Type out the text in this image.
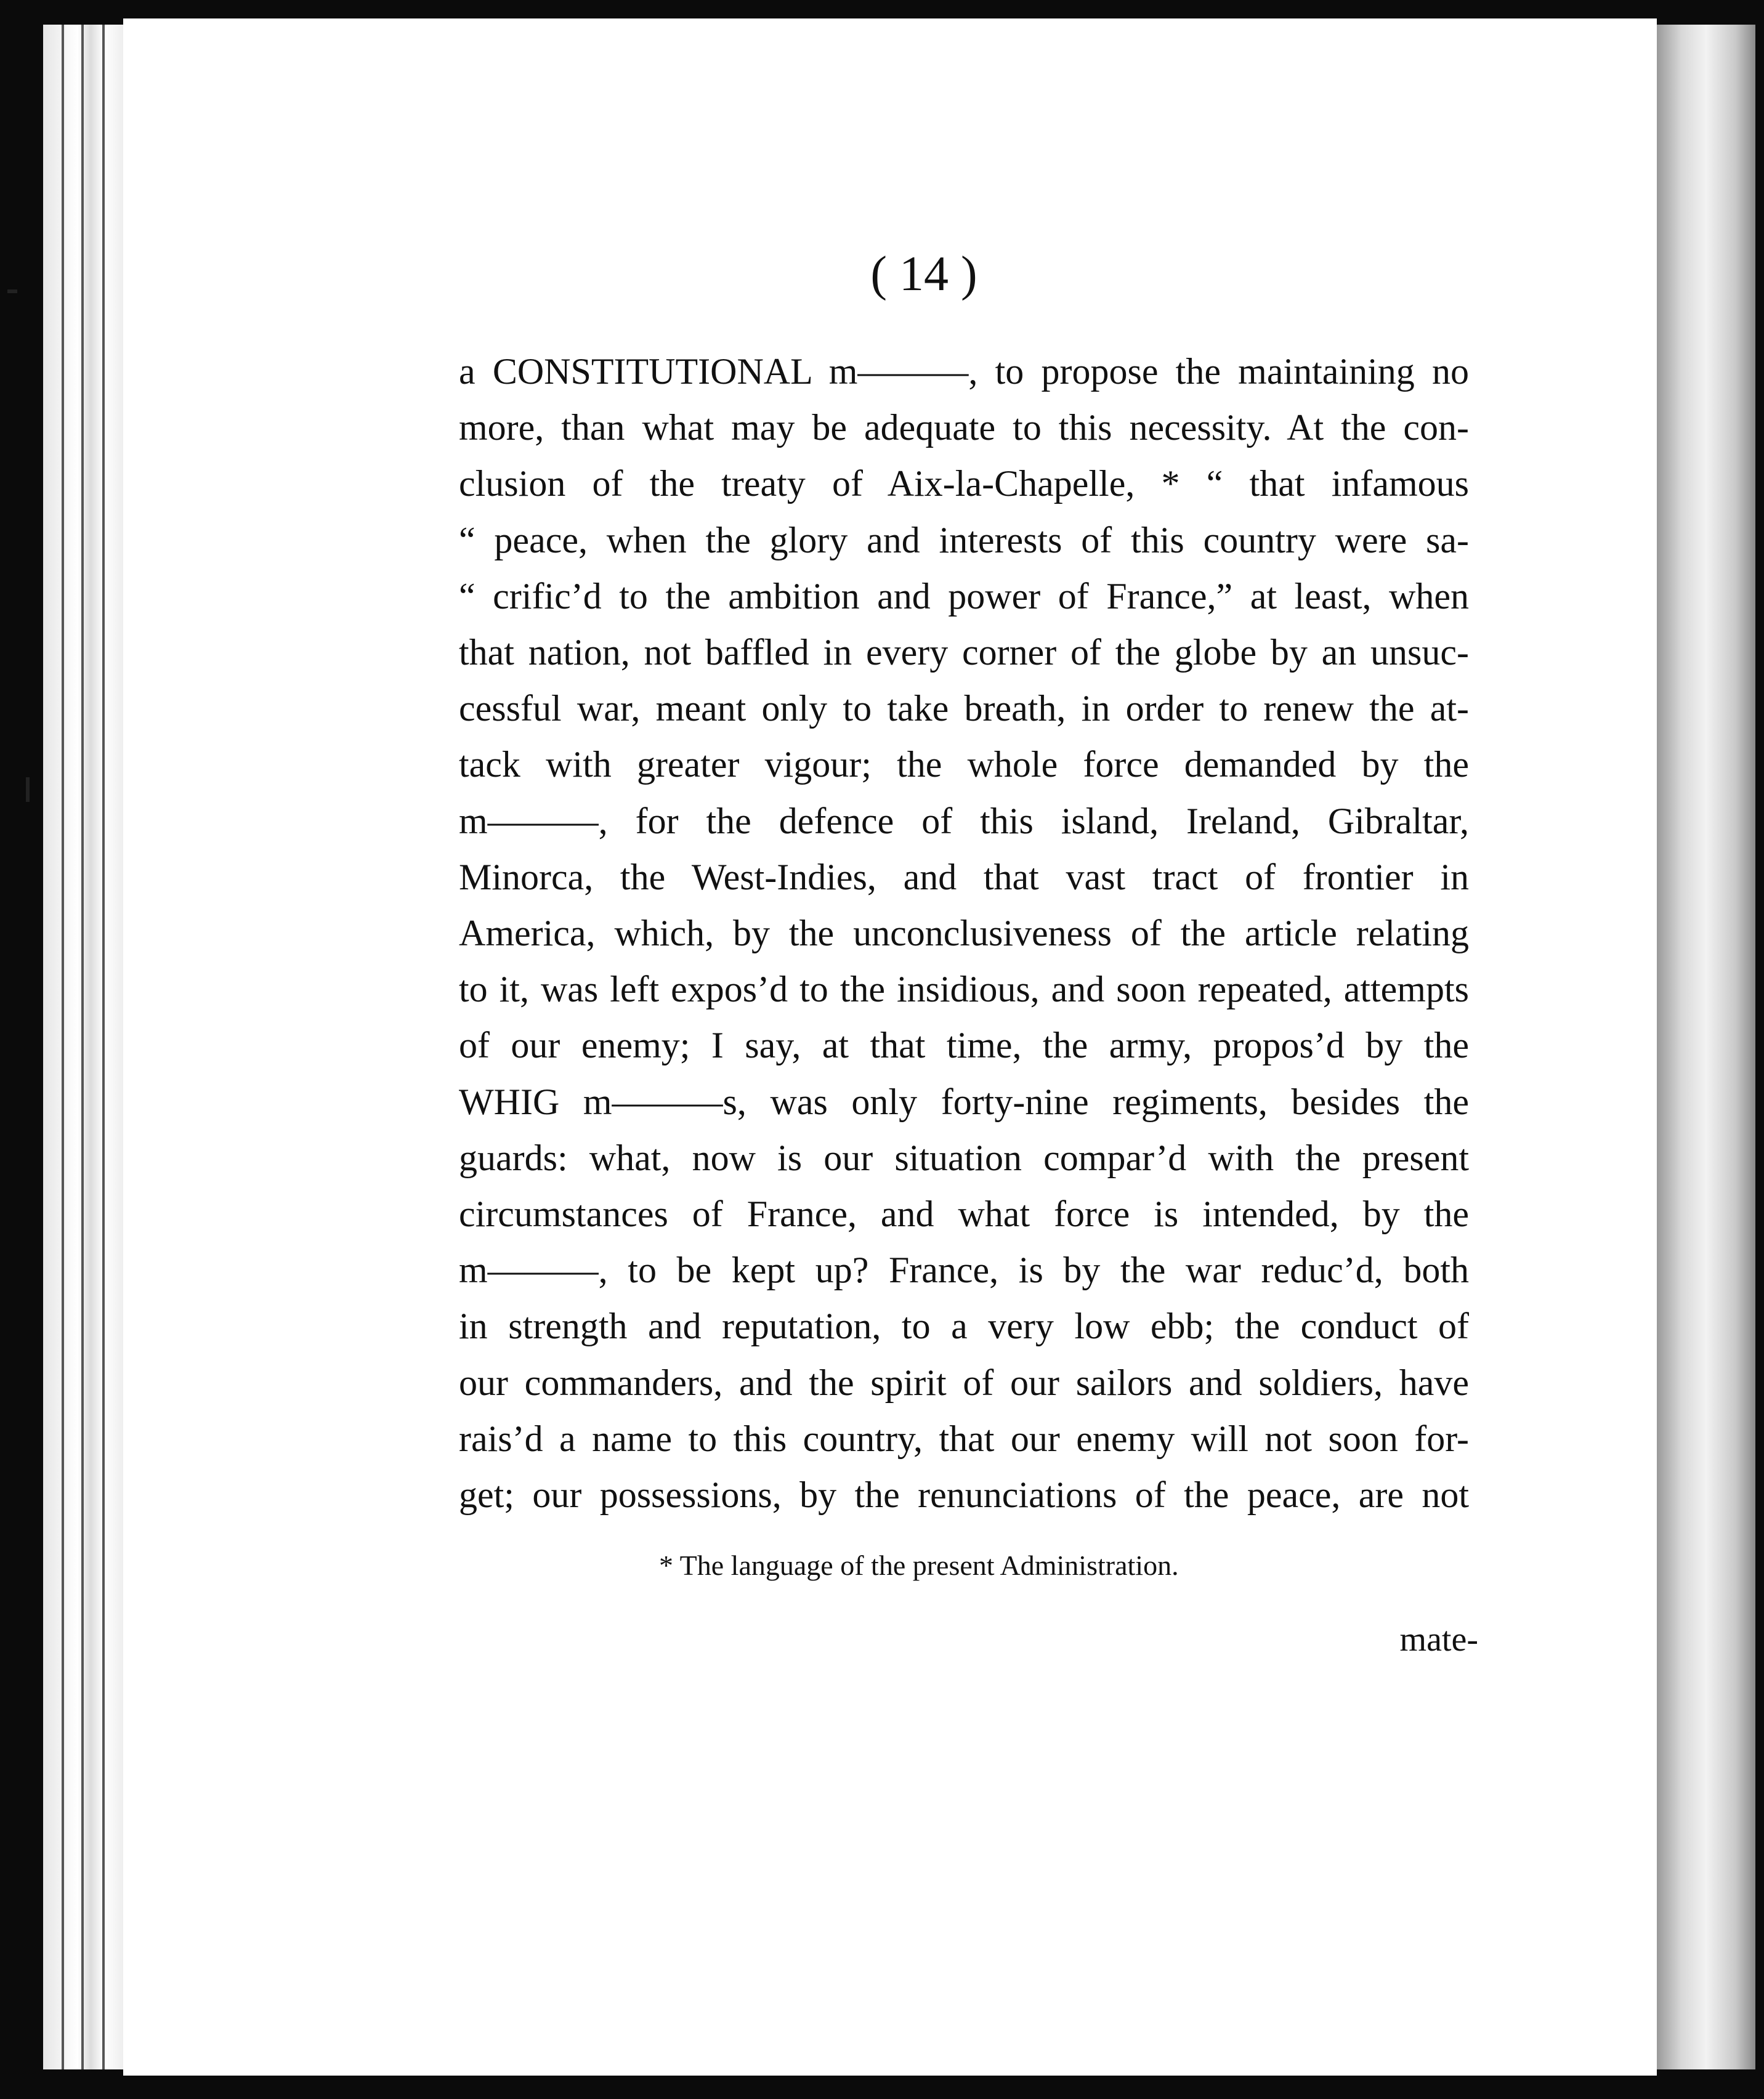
( 14 )
a CONSTITUTIONAL m———, to propose the maintaining no
more, than what may be adequate to this necessity. At the con-
clusion of the treaty of Aix-la-Chapelle, * “ that infamous
“ peace, when the glory and interests of this country were sa-
“ crific’d to the ambition and power of France,” at least, when
that nation, not baffled in every corner of the globe by an unsuc-
cessful war, meant only to take breath, in order to renew the at-
tack with greater vigour; the whole force demanded by the
m———, for the defence of this island, Ireland, Gibraltar,
Minorca, the West-Indies, and that vast tract of frontier in
America, which, by the unconclusiveness of the article relating
to it, was left expos’d to the insidious, and soon repeated, attempts
of our enemy; I say, at that time, the army, propos’d by the
WHIG m———s, was only forty-nine regiments, besides the
guards: what, now is our situation compar’d with the present
circumstances of France, and what force is intended, by the
m———, to be kept up? France, is by the war reduc’d, both
in strength and reputation, to a very low ebb; the conduct of
our commanders, and the spirit of our sailors and soldiers, have
rais’d a name to this country, that our enemy will not soon for-
get; our possessions, by the renunciations of the peace, are not
* The language of the present Administration.
mate-
